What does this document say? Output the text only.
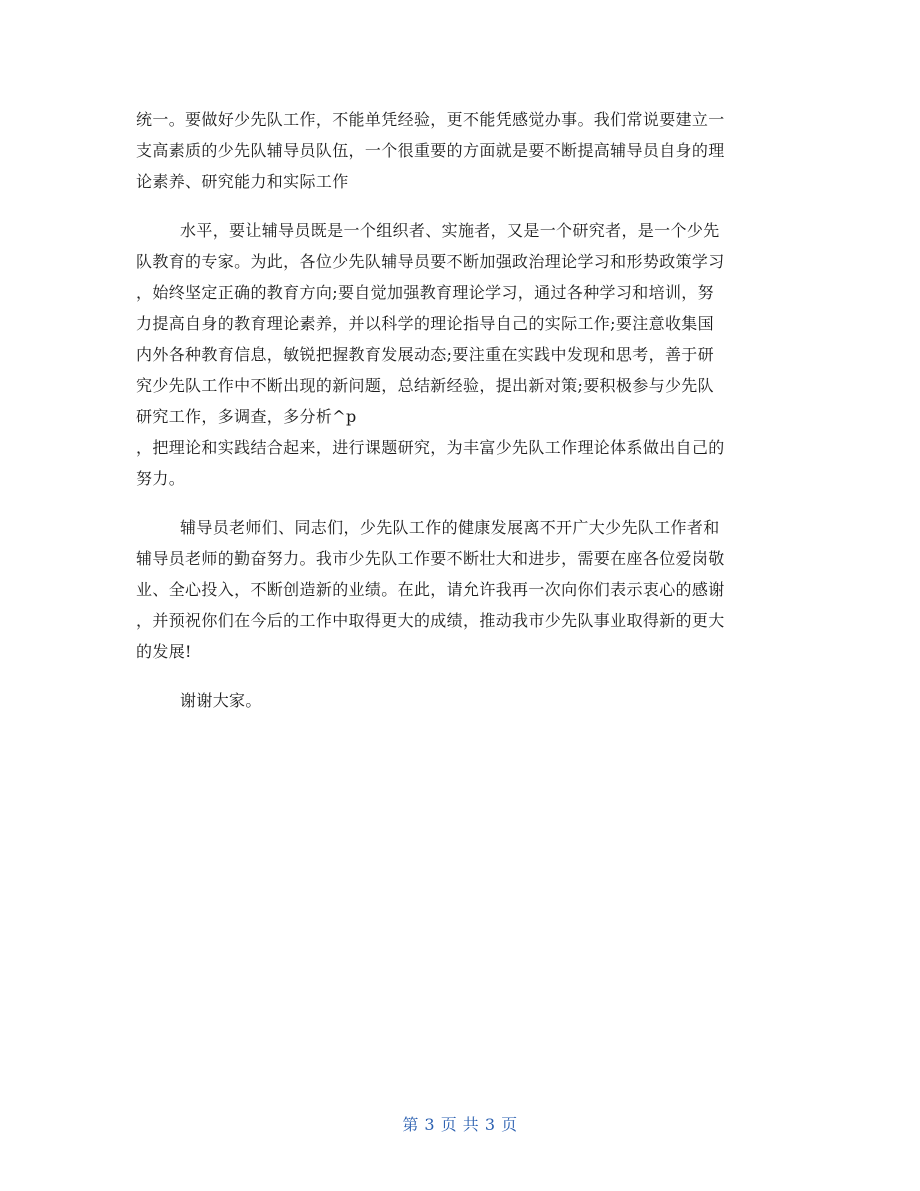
统一。要做好少先队工作，不能单凭经验，更不能凭感觉办事。我们常说要建立一
支高素质的少先队辅导员队伍，一个很重要的方面就是要不断提高辅导员自身的理
论素养、研究能力和实际工作
水平，要让辅导员既是一个组织者、实施者，又是一个研究者，是一个少先
队教育的专家。为此，各位少先队辅导员要不断加强政治理论学习和形势政策学习
，始终坚定正确的教育方向;要自觉加强教育理论学习，通过各种学习和培训，努
力提高自身的教育理论素养，并以科学的理论指导自己的实际工作;要注意收集国
内外各种教育信息，敏锐把握教育发展动态;要注重在实践中发现和思考，善于研
究少先队工作中不断出现的新问题，总结新经验，提出新对策;要积极参与少先队
研究工作，多调查，多分析^p
，把理论和实践结合起来，进行课题研究，为丰富少先队工作理论体系做出自己的
努力。
辅导员老师们、同志们，少先队工作的健康发展离不开广大少先队工作者和
辅导员老师的勤奋努力。我市少先队工作要不断壮大和进步，需要在座各位爱岗敬
业、全心投入，不断创造新的业绩。在此，请允许我再一次向你们表示衷心的感谢
，并预祝你们在今后的工作中取得更大的成绩，推动我市少先队事业取得新的更大
的发展!
谢谢大家。
第 3 页 共 3 页
